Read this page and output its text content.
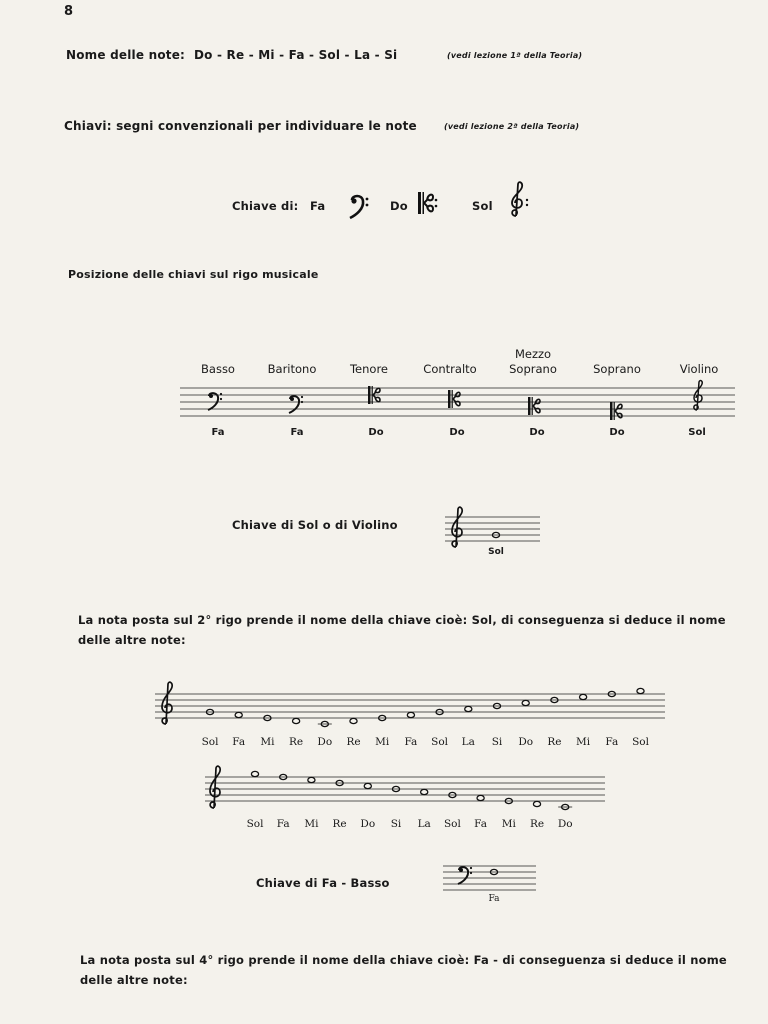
8
Nome delle note: Do - Re - Mi - Fa - Sol - La - Si	(vedi lezione 1ª della Teoria)
Chiavi: segni convenzionali per individuare le note	(vedi lezione 2ª della Teoria)
Chiave di: Fa	Do	Sol
Posizione delle chiavi sul rigo musicale
Mezzo
Basso	Baritono	Tenore	Contralto	Soprano	Soprano	Violino
Fa	Fa	Do	Do	Do	Do	Sol
Chiave di Sol o di Violino
Sol
La nota posta sul 2° rigo prende il nome della chiave cioè: Sol, di conseguenza si deduce il nome delle altre note:
Sol Fa Mi Re Do Re Mi Fa Sol La Si Do Re Mi Fa Sol
Sol Fa Mi Re Do Si La Sol Fa Mi Re Do
Chiave di Fa - Basso
Fa
La nota posta sul 4° rigo prende il nome della chiave cioè: Fa - di conseguenza si deduce il nome delle altre note:
